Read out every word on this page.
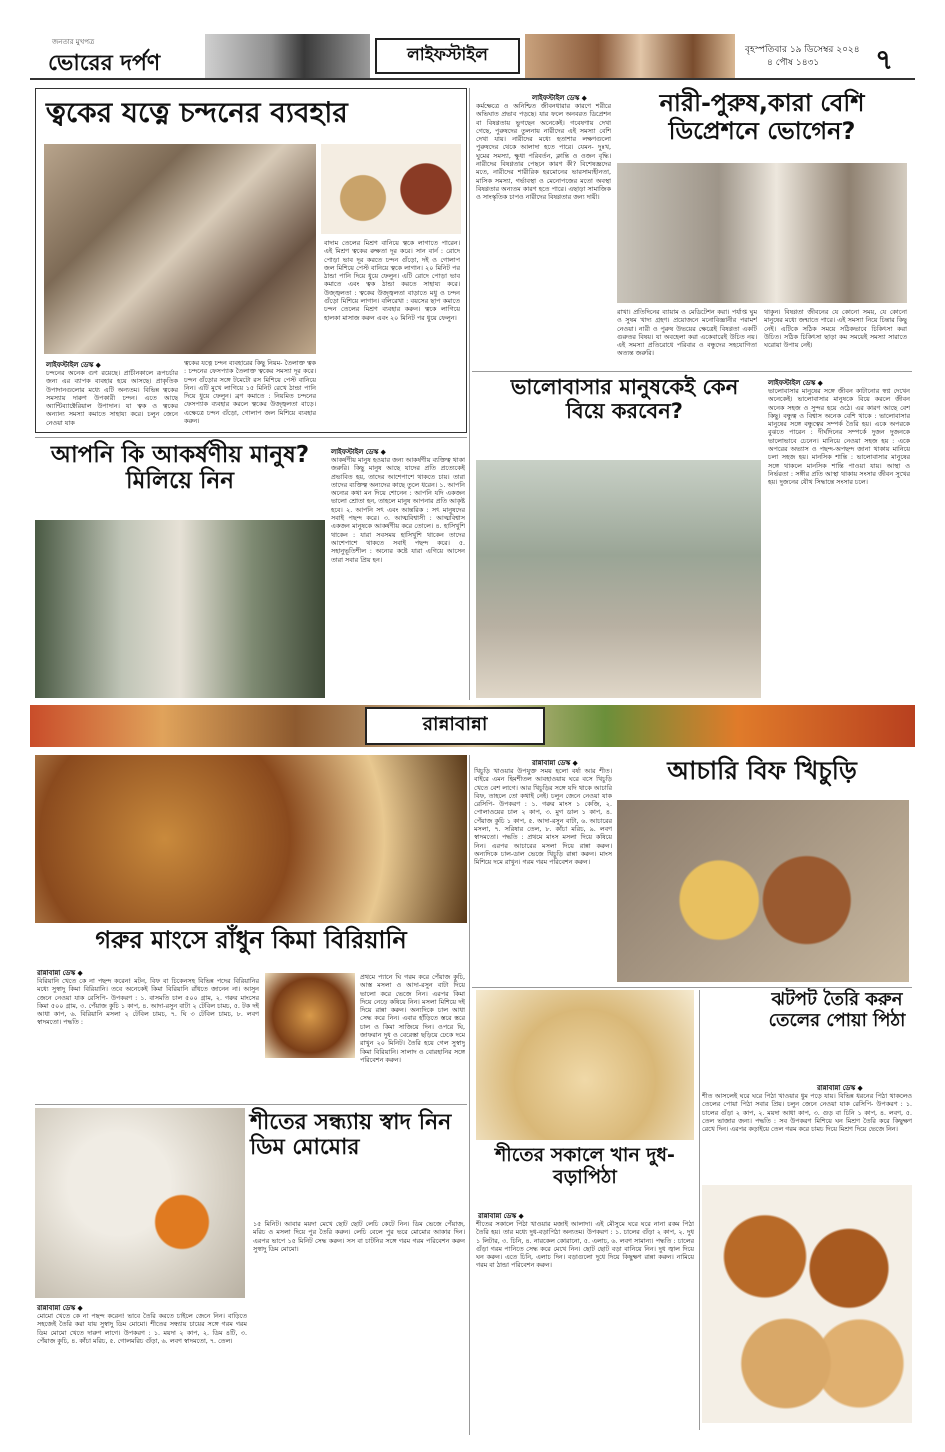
জনতার মুখপত্র
ভোরের দর্পণ	লাইফস্টাইল	বৃহস্পতিবার ১৯ ডিসেম্বর ২০২৪
৪ পৌষ ১৪৩১	৭
ত্বকের যত্নে চন্দনের ব্যবহার
বাদাম তেলের মিশ্রণ বানিয়ে ত্বকে লাগাতে পারেন। এই মিশ্রণ ত্বকের রুক্ষতা দূর করে। সান বার্ন : রোদে পোড়া ভাব দূর করতে চন্দন গুঁড়ো, দই ও গোলাপ জল মিশিয়ে পেস্ট বানিয়ে ত্বকে লাগান। ২০ মিনিট পর ঠান্ডা পানি দিয়ে ধুয়ে ফেলুন। এটি রোদে পোড়া ভাব কমাতে এবং ত্বক ঠান্ডা করতে সাহায্য করে। উজ্জ্বলতা : ত্বকের উজ্জ্বলতা বাড়াতে মধু ও চন্দন গুঁড়ো মিশিয়ে লাগান। বলিরেখা : বয়সের ছাপ কমাতে চন্দন তেলের মিশ্রণ ব্যবহার করুন। ত্বকে লাগিয়ে হালকা মাসাজ করুন এবং ২০ মিনিট পর ধুয়ে ফেলুন।
লাইফস্টাইল ডেস্ক ◆
চন্দনের অনেক গুণ রয়েছে। প্রাচীনকালে রূপচর্চার জন্য এর ব্যাপক ব্যবহার হয়ে আসছে। প্রাকৃতিক উপাদানগুলোর মধ্যে এটি অন্যতম। বিভিন্ন ত্বকের সমস্যায় দারুণ উপকারী চন্দন। এতে আছে অ্যান্টিব্যাক্টেরিয়াল উপাদান। যা ত্বক ও ত্বকের অন্যান্য সমস্যা কমাতে সাহায্য করে। চলুন জেনে নেওয়া যাক
ত্বকের যত্নে চন্দন ব্যবহারের কিছু নিয়ম- তৈলাক্ত ত্বক : চন্দনের ফেসপ্যাক তৈলাক্ত ত্বকের সমস্যা দূর করে। চন্দন গুঁড়োর সঙ্গে টমেটো রস মিশিয়ে পেস্ট বানিয়ে নিন। এটি মুখে লাগিয়ে ১৫ মিনিট রেখে ঠান্ডা পানি দিয়ে ধুয়ে ফেলুন। ব্রণ কমাতে : নিয়মিত চন্দনের ফেসপ্যাক ব্যবহার করলে ত্বকের উজ্জ্বলতা বাড়ে। এক্ষেত্রে চন্দন গুঁড়ো, গোলাপ জল মিশিয়ে ব্যবহার করুন।
লাইফস্টাইল ডেস্ক ◆
কর্মক্ষেত্রে ও অনিশ্চিত জীবনধারার কারণে শরীরে অভিঘাত প্রভাব পড়ছে। যার ফলে অনবরত ডিপ্রেশন বা বিষণ্ণতায় ভুগছেন অনেকেই। গবেষণায় দেখা গেছে, পুরুষদের তুলনায় নারীদের এই সমস্যা বেশি দেখা যায়। নারীদের মধ্যে হতাশার লক্ষণগুলো পুরুষদের থেকে আলাদা হতে পারে। যেমন- দুঃখ, ঘুমের সমস্যা, ক্ষুধা পরিবর্তন, ক্লান্তি ও ওজন বৃদ্ধি। নারীদের বিষণ্ণতার পেছনে কারণ কী? বিশেষজ্ঞদের মতে, নারীদের শারীরিক হরমোনের ভারসাম্যহীনতা, মাসিক সমস্যা, গর্ভাবস্থা ও মেনোপজের মতো অবস্থা বিষণ্ণতার অন্যতম কারণ হতে পারে। এছাড়া সামাজিক ও সাংস্কৃতিক চাপও নারীদের বিষণ্ণতার জন্য দায়ী।
নারী-পুরুষ,কারা বেশি ডিপ্রেশনে ভোগেন?
রাখা। প্রতিদিনের ব্যায়াম ও মেডিটেশন করা। পর্যাপ্ত ঘুম ও সুষম খাদ্য গ্রহণ। প্রয়োজনে মনোবিজ্ঞানীর পরামর্শ নেওয়া। নারী ও পুরুষ উভয়ের ক্ষেত্রেই বিষণ্ণতা একটি গুরুতর বিষয়। যা অবহেলা করা একেবারেই উচিত নয়। এই সমস্যা প্রতিরোধে পরিবার ও বন্ধুদের সহযোগিতা অত্যন্ত জরুরি।
থাকুন। বিষণ্ণতা জীবনের যে কোনো সময়, যে কোনো মানুষের মধ্যে জন্মাতে পারে। এই সমস্যা নিয়ে চিন্তার কিছু নেই। এটিকে সঠিক সময়ে সঠিকভাবে চিকিৎসা করা উচিত। সঠিক চিকিৎসা ছাড়া কম সময়েই সমস্যা সারাতে ঘরোয়া উপায় নেই।
আপনি কি আকর্ষণীয় মানুষ? মিলিয়ে নিন
লাইফস্টাইল ডেস্ক ◆
আকর্ষণীয় মানুষ হওয়ার জন্য আকর্ষণীয় ব্যক্তিত্ব থাকা জরুরি। কিছু মানুষ আছে যাদের প্রতি প্রত্যেকেই প্রভাবিত হয়, তাদের আশেপাশে থাকতে চায়। তারা তাদের ব্যক্তিত্ব অন্যদের কাছে তুলে ধরেন। ১. আপনি অন্যের কথা মন দিয়ে শোনেন : আপনি যদি একজন ভালো শ্রোতা হন, তাহলে মানুষ আপনার প্রতি আকৃষ্ট হবে। ২. আপনি সৎ এবং আন্তরিক : সৎ মানুষদের সবাই পছন্দ করে। ৩. আত্মবিশ্বাসী : আত্মবিশ্বাস একজন মানুষকে আকর্ষণীয় করে তোলে। ৪. হাসিখুশি থাকেন : যারা সবসময় হাসিখুশি থাকেন তাদের আশেপাশে থাকতে সবাই পছন্দ করে। ৫. সহানুভূতিশীল : অন্যের কষ্টে যারা এগিয়ে আসেন তারা সবার প্রিয় হন।
ভালোবাসার মানুষকেই কেন বিয়ে করবেন?
লাইফস্টাইল ডেস্ক ◆
ভালোবাসার মানুষের সঙ্গে জীবন কাটানোর স্বপ্ন দেখেন অনেকেই। ভালোবাসার মানুষকে বিয়ে করলে জীবন অনেক সহজ ও সুন্দর হয়ে ওঠে। এর কারণ আছে বেশ কিছু। বন্ধুত্ব ও বিশ্বাস অনেক বেশি থাকে : ভালোবাসার মানুষের সঙ্গে বন্ধুত্বের সম্পর্ক তৈরি হয়। একে অপরকে বুঝতে পারেন : দীর্ঘদিনের সম্পর্কে দুজন দুজনকে ভালোভাবে চেনেন। মানিয়ে নেওয়া সহজ হয় : একে অপরের অভ্যাস ও পছন্দ-অপছন্দ জানা থাকায় মানিয়ে চলা সহজ হয়। মানসিক শান্তি : ভালোবাসার মানুষের সঙ্গে থাকলে মানসিক শান্তি পাওয়া যায়। আস্থা ও নির্ভরতা : সঙ্গীর প্রতি আস্থা থাকায় সংসার জীবন সুখের হয়। দুজনের যৌথ সিদ্ধান্তে সংসার চলে।
রান্নাবান্না
গরুর মাংসে রাঁধুন কিমা বিরিয়ানি
রান্নাবান্না ডেস্ক ◆
বিরিয়ানি খেতে কে না পছন্দ করেন! মটন, বিফ বা চিকেনসহ বিভিন্ন পদের বিরিয়ানির মধ্যে সুস্বাদু কিমা বিরিয়ানি। তবে অনেকেই কিমা বিরিয়ানি রাঁধতে জানেন না। আসুন জেনে নেওয়া যাক রেসিপি- উপকরণ : ১. বাসমতি চাল ৫০০ গ্রাম, ২. গরুর মাংসের কিমা ৫০০ গ্রাম, ৩. পেঁয়াজ কুচি ১ কাপ, ৪. আদা-রসুন বাটা ২ টেবিল চামচ, ৫. টক দই আধা কাপ, ৬. বিরিয়ানি মসলা ২ টেবিল চামচ, ৭. ঘি ৩ টেবিল চামচ, ৮. লবণ স্বাদমতো। পদ্ধতি :
প্রথমে প্যানে ঘি গরম করে পেঁয়াজ কুচি, আস্ত মসলা ও আদা-রসুন বাটা দিয়ে ভালো করে ভেজে নিন। এরপর কিমা দিয়ে নেড়ে কষিয়ে নিন। মসলা মিশিয়ে দই দিয়ে রান্না করুন। অন্যদিকে চাল আধা সেদ্ধ করে নিন। এবার হাঁড়িতে স্তরে স্তরে চাল ও কিমা সাজিয়ে দিন। ওপরে ঘি, জাফরান দুধ ও বেরেস্তা ছড়িয়ে ঢেকে দমে রাখুন ২০ মিনিট। তৈরি হয়ে গেল সুস্বাদু কিমা বিরিয়ানি। সালাদ ও বোরহানির সঙ্গে পরিবেশন করুন।
রান্নাবান্না ডেস্ক ◆
খিচুড়ি খাওয়ার উপযুক্ত সময় হলো বর্ষা আর শীত। বাইরে এমন হিমশীতল আবহাওয়ায় ঘরে বসে খিচুড়ি খেতে বেশ লাগে। আর খিচুড়ির সঙ্গে যদি থাকে আচারি বিফ, তাহলে তো কথাই নেই। চলুন জেনে নেওয়া যাক রেসিপি- উপকরণ : ১. গরুর মাংস ১ কেজি, ২. পোলাওয়ের চাল ২ কাপ, ৩. মুগ ডাল ১ কাপ, ৪. পেঁয়াজ কুচি ১ কাপ, ৫. আদা-রসুন বাটা, ৬. আচারের মসলা, ৭. সরিষার তেল, ৮. কাঁচা মরিচ, ৯. লবণ স্বাদমতো। পদ্ধতি : প্রথমে মাংস মসলা দিয়ে কষিয়ে নিন। এরপর আচারের মসলা দিয়ে রান্না করুন। অন্যদিকে চাল-ডাল ভেজে খিচুড়ি রান্না করুন। মাংস মিশিয়ে দমে রাখুন। গরম গরম পরিবেশন করুন।
আচারি বিফ খিচুড়ি
শীতের সকালে খান দুধ-বড়াপিঠা
রান্নাবান্না ডেস্ক ◆
শীতের সকালে পিঠা খাওয়ার মজাই আলাদা। এই মৌসুমে ঘরে ঘরে নানা রকম পিঠা তৈরি হয়। তার মধ্যে দুধ-বড়াপিঠা অন্যতম। উপকরণ : ১. চালের গুঁড়া ২ কাপ, ২. দুধ ১ লিটার, ৩. চিনি, ৪. নারকেল কোরানো, ৫. এলাচ, ৬. লবণ সামান্য। পদ্ধতি : চালের গুঁড়া গরম পানিতে সেদ্ধ করে মেখে নিন। ছোট ছোট বড়া বানিয়ে নিন। দুধ জ্বাল দিয়ে ঘন করুন। এতে চিনি, এলাচ দিন। বড়াগুলো দুধে দিয়ে কিছুক্ষণ রান্না করুন। নামিয়ে গরম বা ঠান্ডা পরিবেশন করুন।
ঝটপট তৈরি করুন তেলের পোয়া পিঠা
রান্নাবান্না ডেস্ক ◆
শীত আসলেই ঘরে ঘরে পিঠা খাওয়ার ধুম পড়ে যায়। বিভিন্ন ধরনের পিঠা থাকলেও তেলের পোয়া পিঠা সবার প্রিয়। চলুন জেনে নেওয়া যাক রেসিপি- উপকরণ : ১. চালের গুঁড়া ২ কাপ, ২. ময়দা আধা কাপ, ৩. গুড় বা চিনি ১ কাপ, ৪. লবণ, ৫. তেল ভাজার জন্য। পদ্ধতি : সব উপকরণ মিশিয়ে ঘন মিশ্রণ তৈরি করে কিছুক্ষণ রেখে দিন। এরপর কড়াইয়ে তেল গরম করে চামচ দিয়ে মিশ্রণ দিয়ে ভেজে নিন।
শীতের সন্ধ্যায় স্বাদ নিন ডিম মোমোর
১৫ মিনিট। আবার ময়দা মেখে ছোট ছোট লেচি কেটে নিন। ডিম ভেজে পেঁয়াজ, মরিচ ও মসলা দিয়ে পুর তৈরি করুন। লেচি বেলে পুর ভরে মোমোর আকার দিন। এরপর ভাপে ১৫ মিনিট সেদ্ধ করুন। সস বা চাটনির সঙ্গে গরম গরম পরিবেশন করুন সুস্বাদু ডিম মোমো।
রান্নাবান্না ডেস্ক ◆
মোমো খেতে কে না পছন্দ করেন! ভাবে তৈরি করতে চাইলে জেনে নিন। বাড়িতে সহজেই তৈরি করা যায় সুস্বাদু ডিম মোমো। শীতের সন্ধ্যায় চায়ের সঙ্গে গরম গরম ডিম মোমো খেতে দারুণ লাগে। উপকরণ : ১. ময়দা ২ কাপ, ২. ডিম ৪টি, ৩. পেঁয়াজ কুচি, ৪. কাঁচা মরিচ, ৫. গোলমরিচ গুঁড়া, ৬. লবণ স্বাদমতো, ৭. তেল।
